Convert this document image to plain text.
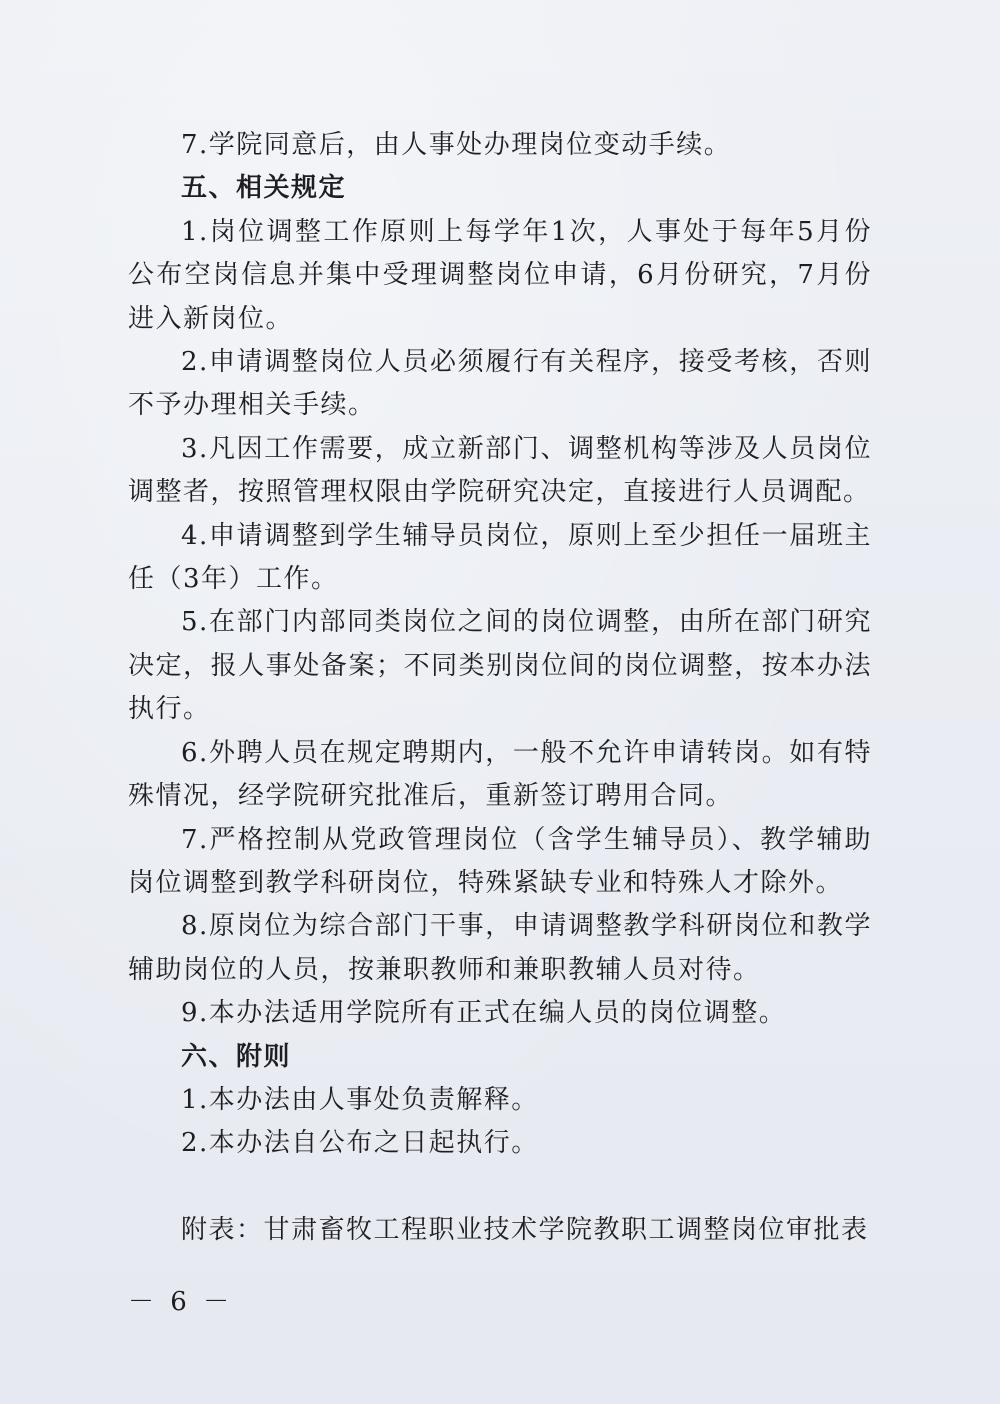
7.学院同意后，由人事处办理岗位变动手续。

五、相关规定

1.岗位调整工作原则上每学年1次，人事处于每年5月份公布空岗信息并集中受理调整岗位申请，6月份研究，7月份进入新岗位。

2.申请调整岗位人员必须履行有关程序，接受考核，否则不予办理相关手续。

3.凡因工作需要，成立新部门、调整机构等涉及人员岗位调整者，按照管理权限由学院研究决定，直接进行人员调配。

4.申请调整到学生辅导员岗位，原则上至少担任一届班主任（3年）工作。

5.在部门内部同类岗位之间的岗位调整，由所在部门研究决定，报人事处备案；不同类别岗位间的岗位调整，按本办法执行。

6.外聘人员在规定聘期内，一般不允许申请转岗。如有特殊情况，经学院研究批准后，重新签订聘用合同。

7.严格控制从党政管理岗位（含学生辅导员）、教学辅助岗位调整到教学科研岗位，特殊紧缺专业和特殊人才除外。

8.原岗位为综合部门干事，申请调整教学科研岗位和教学辅助岗位的人员，按兼职教师和兼职教辅人员对待。

9.本办法适用学院所有正式在编人员的岗位调整。

六、附则

1.本办法由人事处负责解释。

2.本办法自公布之日起执行。

附表：甘肃畜牧工程职业技术学院教职工调整岗位审批表

－ 6 －
